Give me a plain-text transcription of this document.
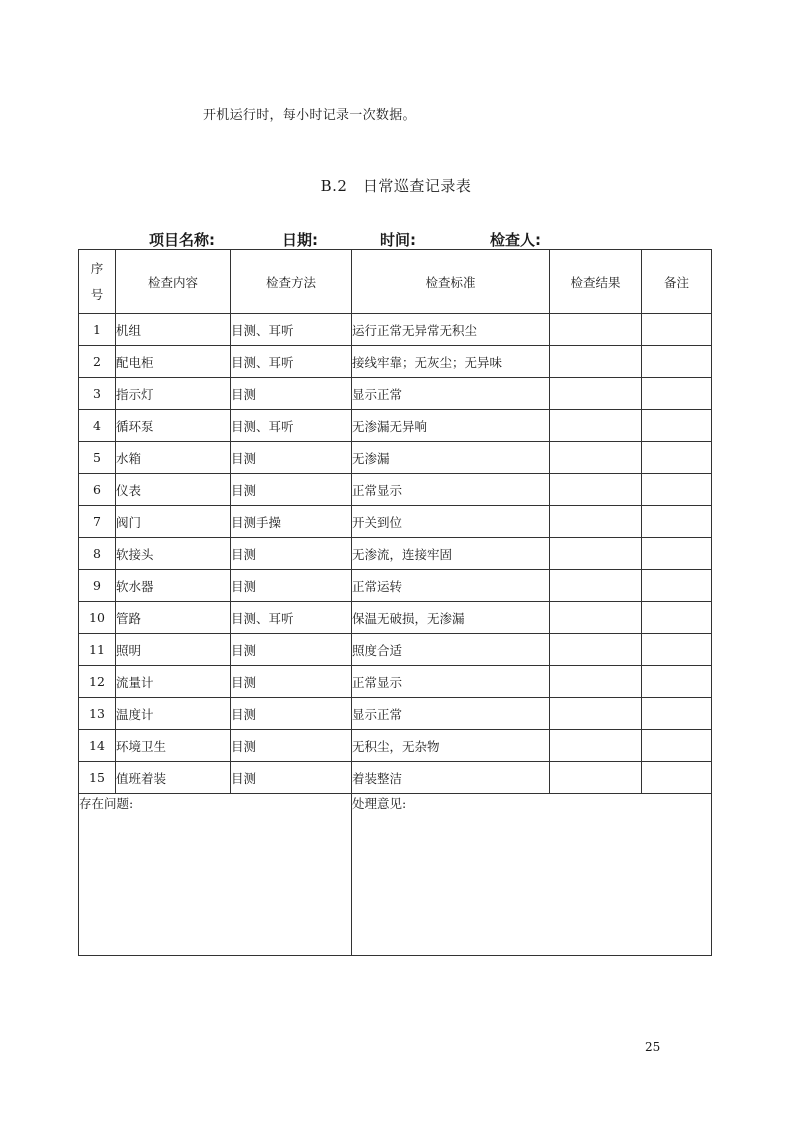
开机运行时，每小时记录一次数据。
B.2　日常巡查记录表
项目名称:	日期:	时间:	检查人:
序
号	检查内容	检查方法	检查标准	检查结果	备注
1	机组	目测、耳听	运行正常无异常无积尘		
2	配电柜	目测、耳听	接线牢靠；无灰尘；无异味		
3	指示灯	目测	显示正常		
4	循环泵	目测、耳听	无渗漏无异响		
5	水箱	目测	无渗漏		
6	仪表	目测	正常显示		
7	阀门	目测手操	开关到位		
8	软接头	目测	无渗流，连接牢固		
9	软水器	目测	正常运转		
10	管路	目测、耳听	保温无破损，无渗漏		
11	照明	目测	照度合适		
12	流量计	目测	正常显示		
13	温度计	目测	显示正常		
14	环境卫生	目测	无积尘，无杂物		
15	值班着装	目测	着装整洁		
存在问题:			处理意见:		
25
